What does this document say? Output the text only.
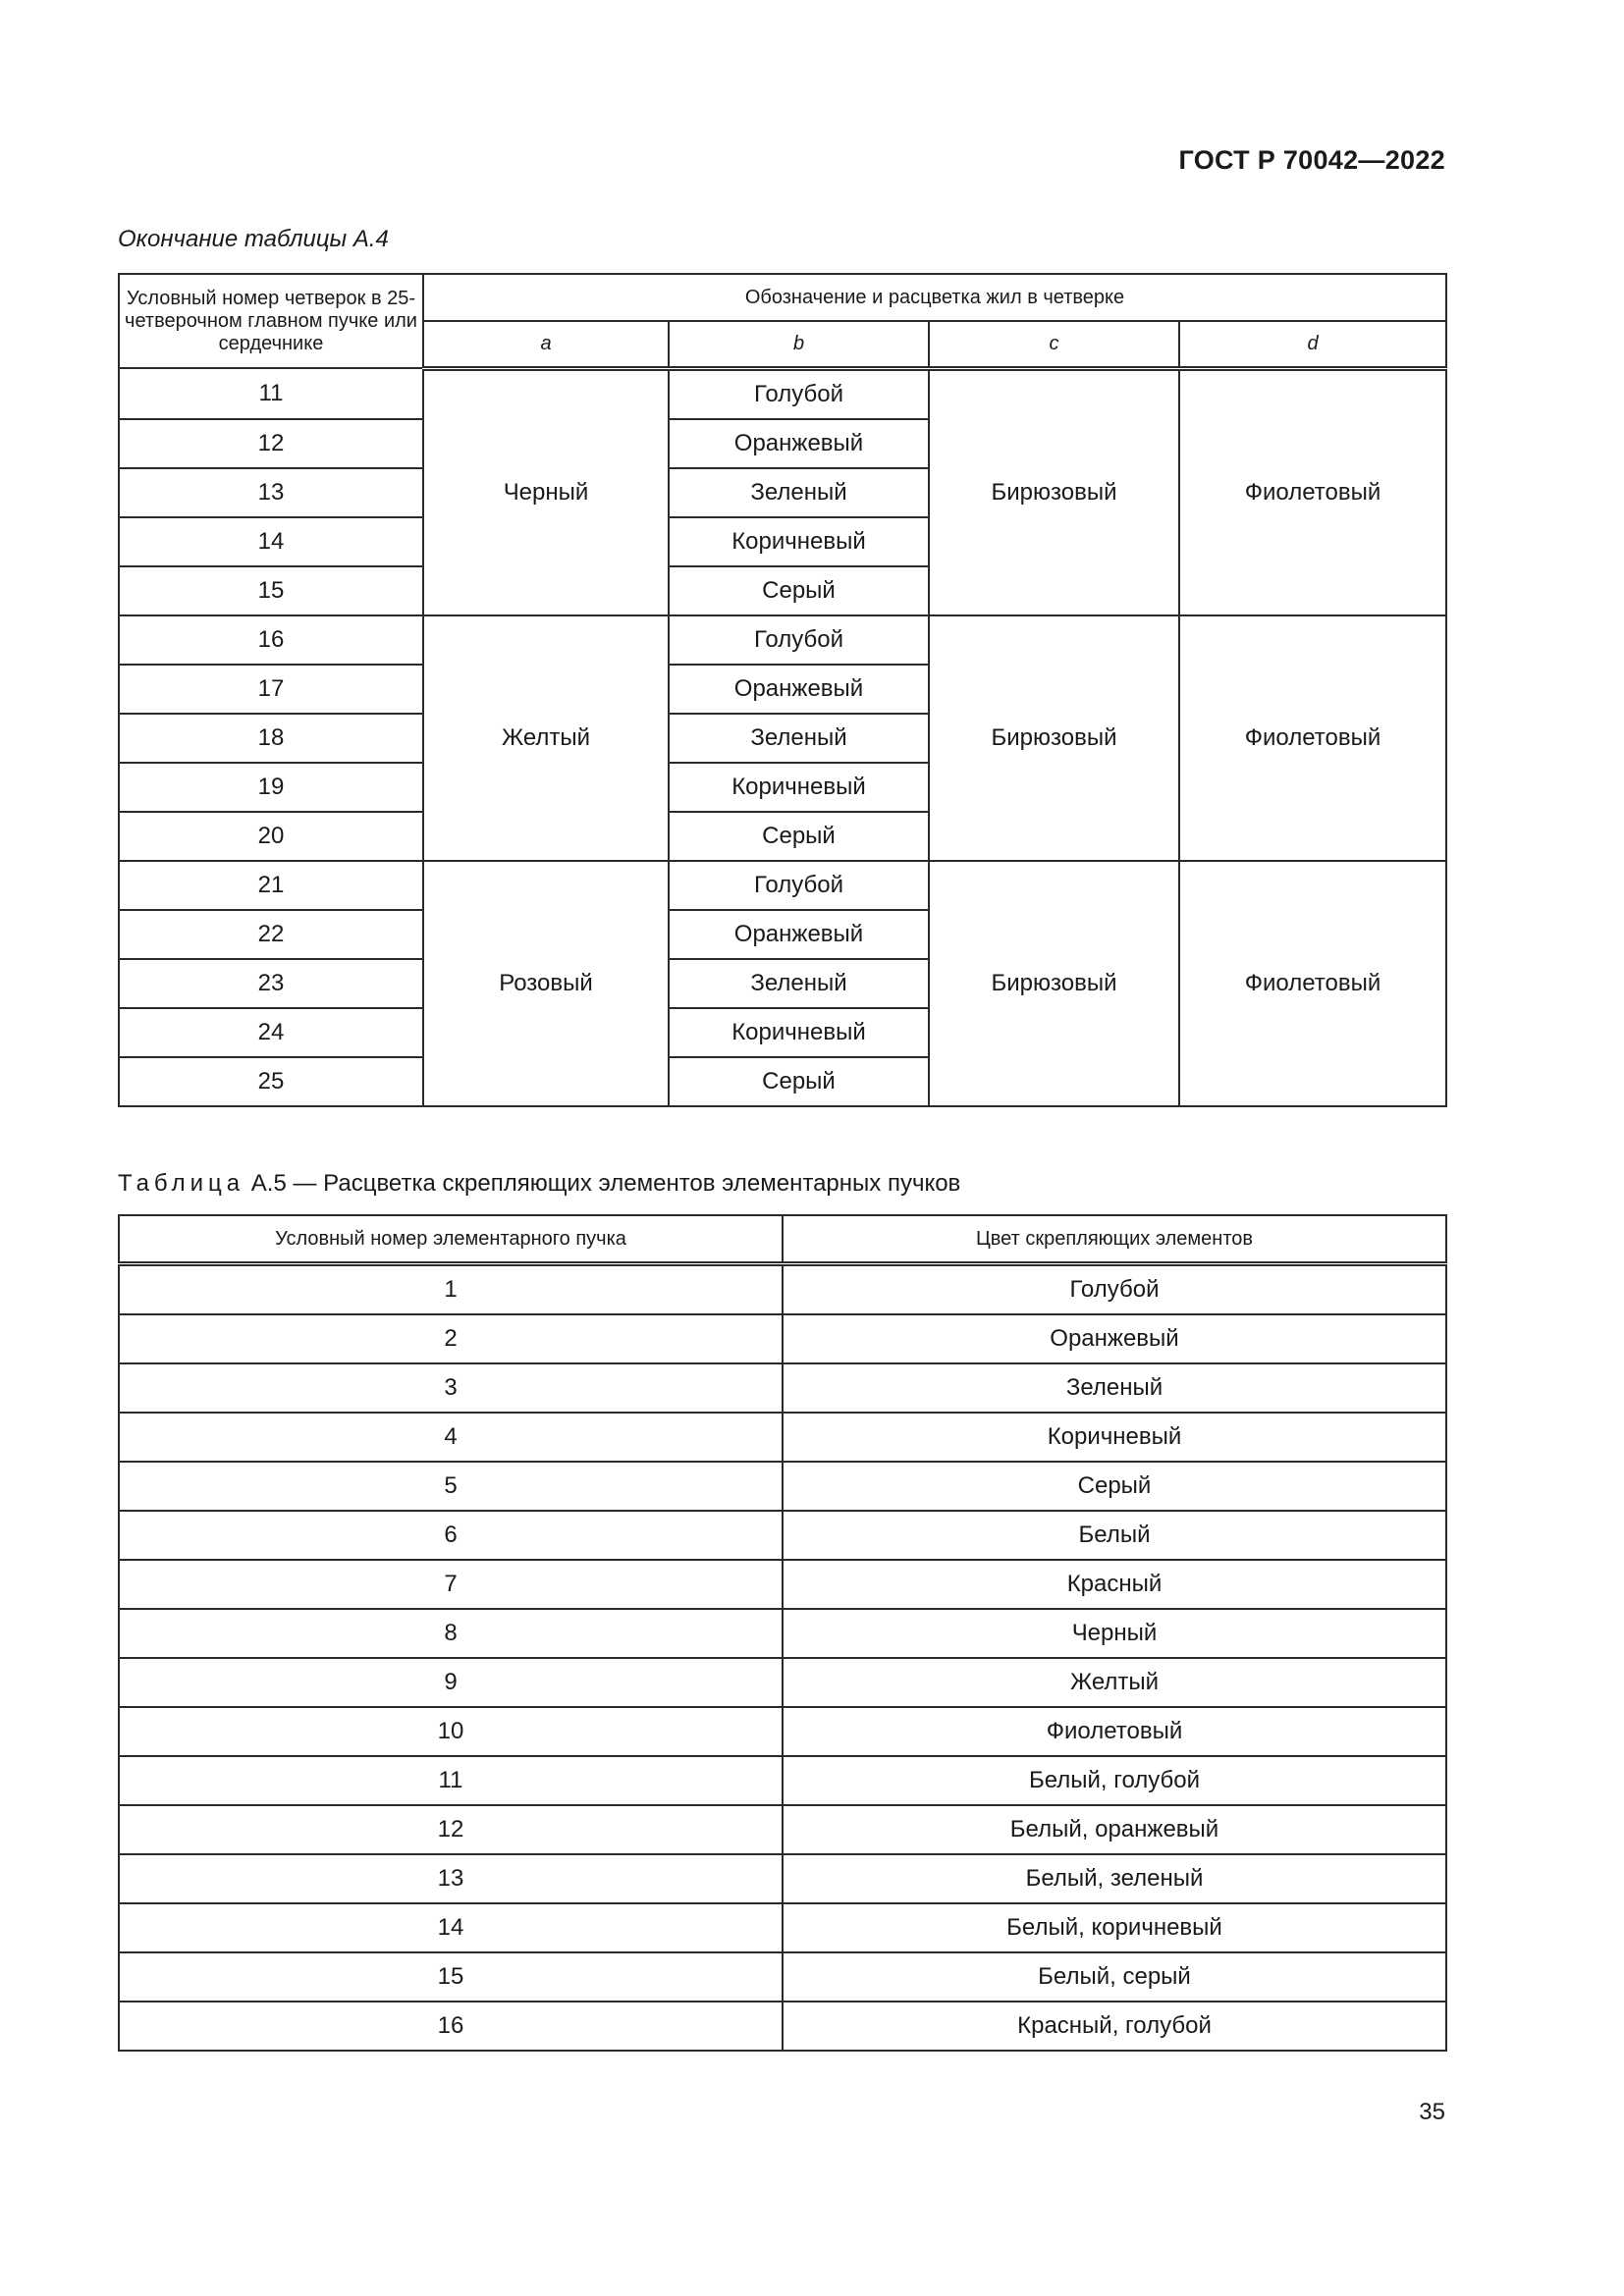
ГОСТ Р 70042—2022
Окончание таблицы А.4
Условный номер четверок в 25-четверочном главном пучке или сердечнике	Обозначение и расцветка жил в четверке			
	a	b	c	d
11	Черный	Голубой	Бирюзовый	Фиолетовый
12		Оранжевый		
13		Зеленый		
14		Коричневый		
15		Серый		
16	Желтый	Голубой	Бирюзовый	Фиолетовый
17		Оранжевый		
18		Зеленый		
19		Коричневый		
20		Серый		
21	Розовый	Голубой	Бирюзовый	Фиолетовый
22		Оранжевый		
23		Зеленый		
24		Коричневый		
25		Серый		
Таблица А.5 — Расцветка скрепляющих элементов элементарных пучков
Условный номер элементарного пучка	Цвет скрепляющих элементов
1	Голубой
2	Оранжевый
3	Зеленый
4	Коричневый
5	Серый
6	Белый
7	Красный
8	Черный
9	Желтый
10	Фиолетовый
11	Белый, голубой
12	Белый, оранжевый
13	Белый, зеленый
14	Белый, коричневый
15	Белый, серый
16	Красный, голубой
35
